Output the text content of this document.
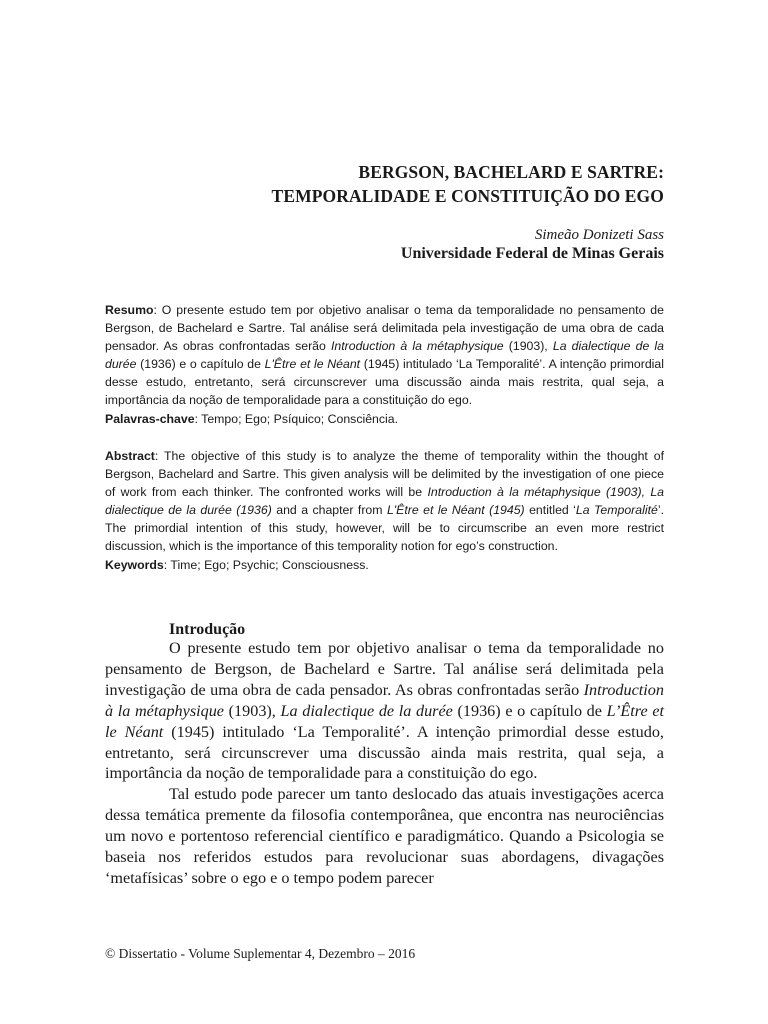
BERGSON, BACHELARD E SARTRE:
TEMPORALIDADE E CONSTITUIÇÃO DO EGO
Simeão Donizeti Sass
Universidade Federal de Minas Gerais

Resumo: O presente estudo tem por objetivo analisar o tema da temporalidade no pensamento de Bergson, de Bachelard e Sartre. Tal análise será delimitada pela investigação de uma obra de cada pensador. As obras confrontadas serão Introduction à la métaphysique (1903), La dialectique de la durée (1936) e o capítulo de L'Être et le Néant (1945) intitulado ‘La Temporalité’. A intenção primordial desse estudo, entretanto, será circunscrever uma discussão ainda mais restrita, qual seja, a importância da noção de temporalidade para a constituição do ego.

Palavras-chave: Tempo; Ego; Psíquico; Consciência.

Abstract: The objective of this study is to analyze the theme of temporality within the thought of Bergson, Bachelard and Sartre. This given analysis will be delimited by the investigation of one piece of work from each thinker. The confronted works will be Introduction à la métaphysique (1903), La dialectique de la durée (1936) and a chapter from L'Être et le Néant (1945) entitled ‘La Temporalité’. The primordial intention of this study, however, will be to circumscribe an even more restrict discussion, which is the importance of this temporality notion for ego’s construction.

Keywords: Time; Ego; Psychic; Consciousness.

Introdução

O presente estudo tem por objetivo analisar o tema da temporalidade no pensamento de Bergson, de Bachelard e Sartre. Tal análise será delimitada pela investigação de uma obra de cada pensador. As obras confrontadas serão Introduction à la métaphysique (1903), La dialectique de la durée (1936) e o capítulo de L’Être et le Néant (1945) intitulado ‘La Temporalité’. A intenção primordial desse estudo, entretanto, será circunscrever uma discussão ainda mais restrita, qual seja, a importância da noção de temporalidade para a constituição do ego.

Tal estudo pode parecer um tanto deslocado das atuais investigações acerca dessa temática premente da filosofia contemporânea, que encontra nas neurociências um novo e portentoso referencial científico e paradigmático. Quando a Psicologia se baseia nos referidos estudos para revolucionar suas abordagens, divagações ‘metafísicas’ sobre o ego e o tempo podem parecer

© Dissertatio - Volume Suplementar 4, Dezembro – 2016
